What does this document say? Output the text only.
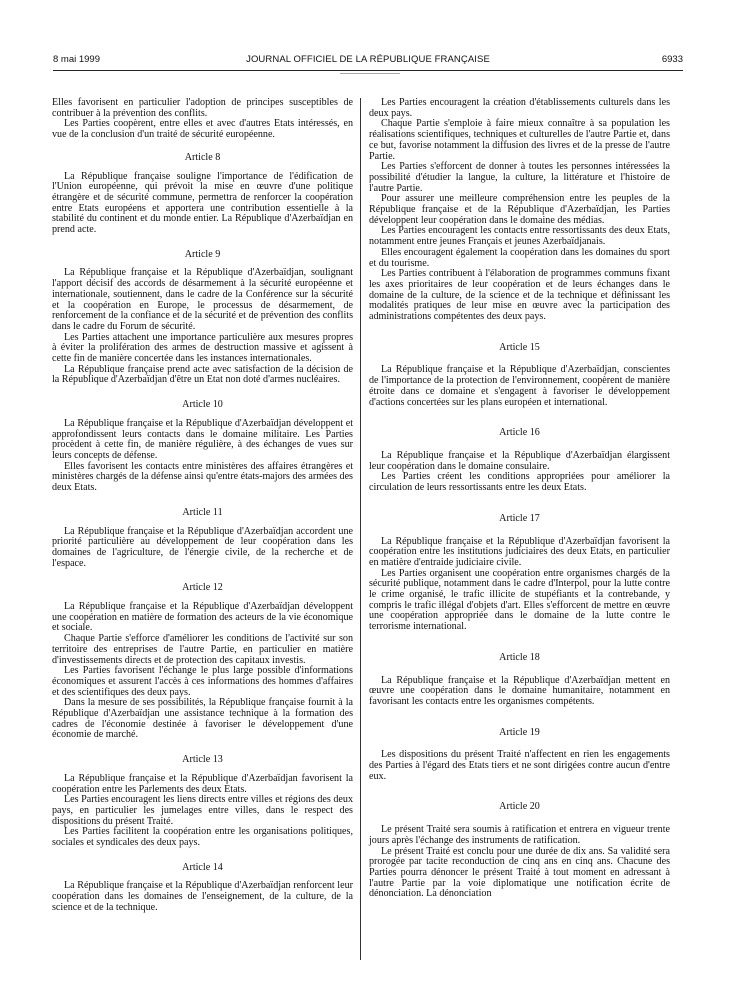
8 mai 1999	JOURNAL OFFICIEL DE LA RÉPUBLIQUE FRANÇAISE	6933

Elles favorisent en particulier l'adoption de principes susceptibles de contribuer à la prévention des conflits.

Les Parties coopèrent, entre elles et avec d'autres Etats intéressés, en vue de la conclusion d'un traité de sécurité européenne.

Article 8

La République française souligne l'importance de l'édification de l'Union européenne, qui prévoit la mise en œuvre d'une politique étrangère et de sécurité commune, permettra de renforcer la coopération entre Etats européens et apportera une contribution essentielle à la stabilité du continent et du monde entier. La République d'Azerbaïdjan en prend acte.

Article 9

La République française et la République d'Azerbaïdjan, soulignant l'apport décisif des accords de désarmement à la sécurité européenne et internationale, soutiennent, dans le cadre de la Conférence sur la sécurité et la coopération en Europe, le processus de désarmement, de renforcement de la confiance et de la sécurité et de prévention des conflits dans le cadre du Forum de sécurité.

Les Parties attachent une importance particulière aux mesures propres à éviter la prolifération des armes de destruction massive et agissent à cette fin de manière concertée dans les instances internationales.

La République française prend acte avec satisfaction de la décision de la République d'Azerbaïdjan d'être un Etat non doté d'armes nucléaires.

Article 10

La République française et la République d'Azerbaïdjan développent et approfondissent leurs contacts dans le domaine militaire. Les Parties procèdent à cette fin, de manière régulière, à des échanges de vues sur leurs concepts de défense.

Elles favorisent les contacts entre ministères des affaires étrangères et ministères chargés de la défense ainsi qu'entre états-majors des armées des deux Etats.

Article 11

La République française et la République d'Azerbaïdjan accordent une priorité particulière au développement de leur coopération dans les domaines de l'agriculture, de l'énergie civile, de la recherche et de l'espace.

Article 12

La République française et la République d'Azerbaïdjan développent une coopération en matière de formation des acteurs de la vie économique et sociale.

Chaque Partie s'efforce d'améliorer les conditions de l'activité sur son territoire des entreprises de l'autre Partie, en particulier en matière d'investissements directs et de protection des capitaux investis.

Les Parties favorisent l'échange le plus large possible d'informations économiques et assurent l'accès à ces informations des hommes d'affaires et des scientifiques des deux pays.

Dans la mesure de ses possibilités, la République française fournit à la République d'Azerbaïdjan une assistance technique à la formation des cadres de l'économie destinée à favoriser le développement d'une économie de marché.

Article 13

La République française et la République d'Azerbaïdjan favorisent la coopération entre les Parlements des deux Etats.

Les Parties encouragent les liens directs entre villes et régions des deux pays, en particulier les jumelages entre villes, dans le respect des dispositions du présent Traité.

Les Parties facilitent la coopération entre les organisations politiques, sociales et syndicales des deux pays.

Article 14

La République française et la République d'Azerbaïdjan renforcent leur coopération dans les domaines de l'enseignement, de la culture, de la science et de la technique.

Les Parties encouragent la création d'établissements culturels dans les deux pays.

Chaque Partie s'emploie à faire mieux connaître à sa population les réalisations scientifiques, techniques et culturelles de l'autre Partie et, dans ce but, favorise notamment la diffusion des livres et de la presse de l'autre Partie.

Les Parties s'efforcent de donner à toutes les personnes intéressées la possibilité d'étudier la langue, la culture, la littérature et l'histoire de l'autre Partie.

Pour assurer une meilleure compréhension entre les peuples de la République française et de la République d'Azerbaïdjan, les Parties développent leur coopération dans le domaine des médias.

Les Parties encouragent les contacts entre ressortissants des deux Etats, notamment entre jeunes Français et jeunes Azerbaïdjanais.

Elles encouragent également la coopération dans les domaines du sport et du tourisme.

Les Parties contribuent à l'élaboration de programmes communs fixant les axes prioritaires de leur coopération et de leurs échanges dans le domaine de la culture, de la science et de la technique et définissant les modalités pratiques de leur mise en œuvre avec la participation des administrations compétentes des deux pays.

Article 15

La République française et la République d'Azerbaïdjan, conscientes de l'importance de la protection de l'environnement, coopèrent de manière étroite dans ce domaine et s'engagent à favoriser le développement d'actions concertées sur les plans européen et international.

Article 16

La République française et la République d'Azerbaïdjan élargissent leur coopération dans le domaine consulaire.

Les Parties créent les conditions appropriées pour améliorer la circulation de leurs ressortissants entre les deux Etats.

Article 17

La République française et la République d'Azerbaïdjan favorisent la coopération entre les institutions judiciaires des deux Etats, en particulier en matière d'entraide judiciaire civile.

Les Parties organisent une coopération entre organismes chargés de la sécurité publique, notamment dans le cadre d'Interpol, pour la lutte contre le crime organisé, le trafic illicite de stupéfiants et la contrebande, y compris le trafic illégal d'objets d'art. Elles s'efforcent de mettre en œuvre une coopération appropriée dans le domaine de la lutte contre le terrorisme international.

Article 18

La République française et la République d'Azerbaïdjan mettent en œuvre une coopération dans le domaine humanitaire, notamment en favorisant les contacts entre les organismes compétents.

Article 19

Les dispositions du présent Traité n'affectent en rien les engagements des Parties à l'égard des Etats tiers et ne sont dirigées contre aucun d'entre eux.

Article 20

Le présent Traité sera soumis à ratification et entrera en vigueur trente jours après l'échange des instruments de ratification.

Le présent Traité est conclu pour une durée de dix ans. Sa validité sera prorogée par tacite reconduction de cinq ans en cinq ans. Chacune des Parties pourra dénoncer le présent Traité à tout moment en adressant à l'autre Partie par la voie diplomatique une notification écrite de dénonciation. La dénonciation
